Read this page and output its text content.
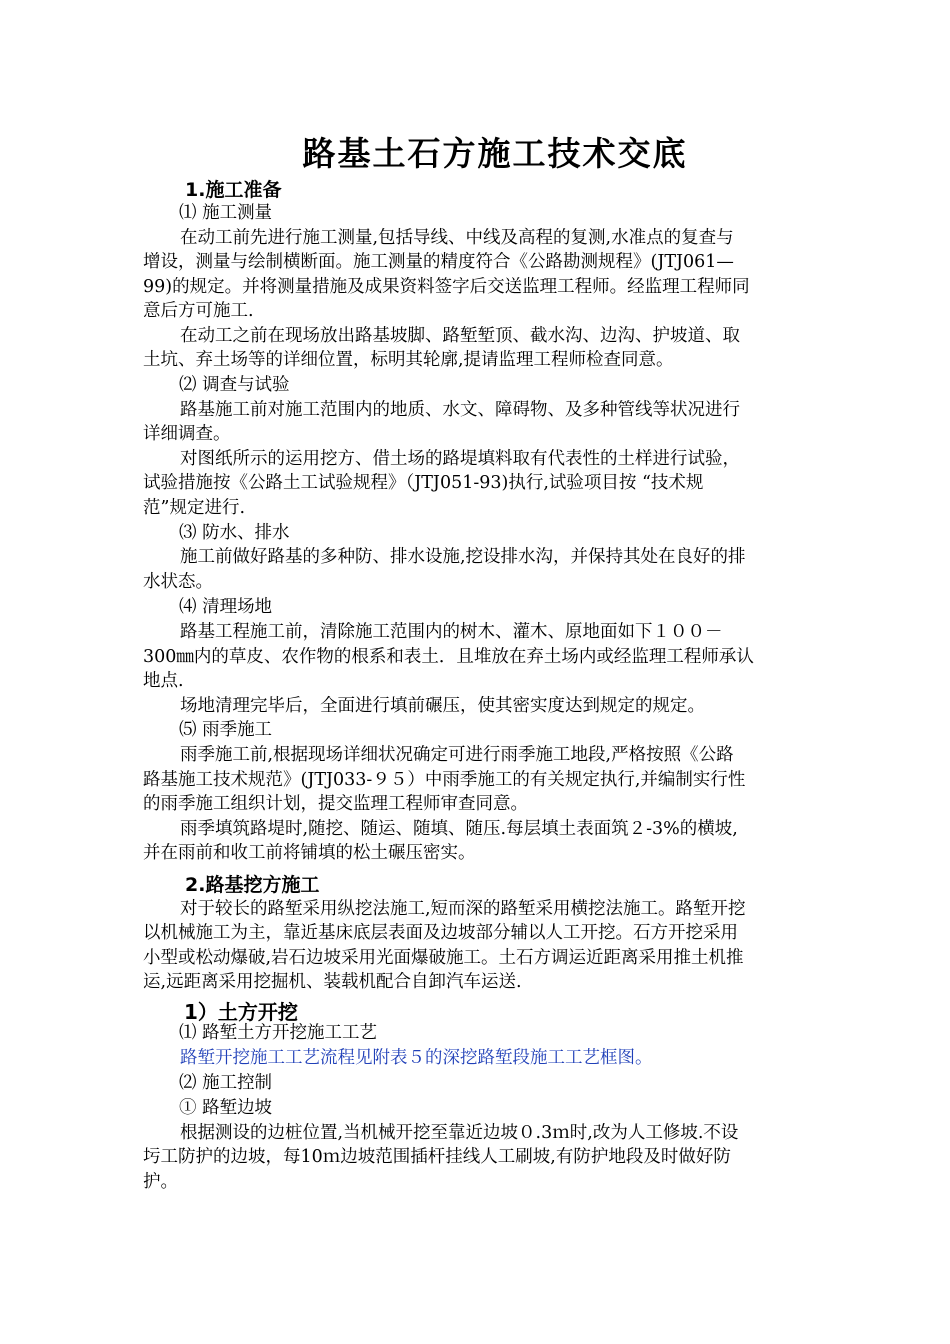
路基土石方施工技术交底
1.施工准备
⑴ 施工测量
在动工前先进行施工测量,包括导线、中线及高程的复测,水准点的复查与
增设，测量与绘制横断面。施工测量的精度符合《公路勘测规程》(JTJ061—
99)的规定。并将测量措施及成果资料签字后交送监理工程师。经监理工程师同
意后方可施工.
在动工之前在现场放出路基坡脚、路堑堑顶、截水沟、边沟、护坡道、取
土坑、弃土场等的详细位置，标明其轮廓,提请监理工程师检查同意。
⑵ 调查与试验
路基施工前对施工范围内的地质、水文、障碍物、及多种管线等状况进行
详细调查。
对图纸所示的运用挖方、借土场的路堤填料取有代表性的土样进行试验，
试验措施按《公路土工试验规程》（JTJ051-93)执行,试验项目按 “技术规
范”规定进行.
⑶ 防水、排水
施工前做好路基的多种防、排水设施,挖设排水沟，并保持其处在良好的排
水状态。
⑷ 清理场地
路基工程施工前，清除施工范围内的树木、灌木、原地面如下１００－
300㎜内的草皮、农作物的根系和表土．且堆放在弃土场内或经监理工程师承认
地点.
场地清理完毕后，全面进行填前碾压，使其密实度达到规定的规定。
⑸ 雨季施工
雨季施工前,根据现场详细状况确定可进行雨季施工地段,严格按照《公路
路基施工技术规范》(JTJ033-９５）中雨季施工的有关规定执行,并编制实行性
的雨季施工组织计划，提交监理工程师审查同意。
雨季填筑路堤时,随挖、随运、随填、随压.每层填土表面筑２-3%的横坡,
并在雨前和收工前将铺填的松土碾压密实。
2.路基挖方施工
对于较长的路堑采用纵挖法施工,短而深的路堑采用横挖法施工。路堑开挖
以机械施工为主，靠近基床底层表面及边坡部分辅以人工开挖。石方开挖采用
小型或松动爆破,岩石边坡采用光面爆破施工。土石方调运近距离采用推土机推
运,远距离采用挖掘机、装载机配合自卸汽车运送.
1）土方开挖
⑴ 路堑土方开挖施工工艺
路堑开挖施工工艺流程见附表５的深挖路堑段施工工艺框图。
⑵ 施工控制
① 路堑边坡
根据测设的边桩位置,当机械开挖至靠近边坡０.3ｍ时,改为人工修坡.不设
圬工防护的边坡，每10ｍ边坡范围插杆挂线人工刷坡,有防护地段及时做好防
护。
